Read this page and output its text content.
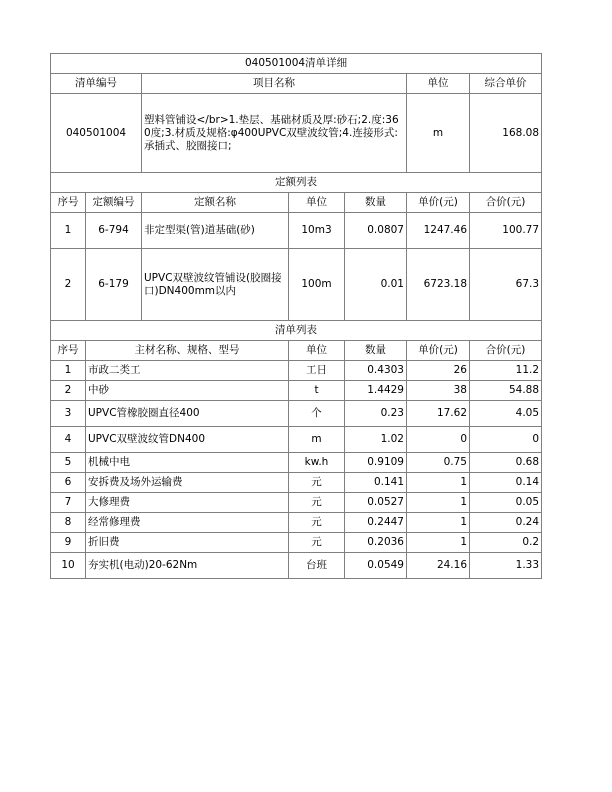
040501004清单详细						
清单编号		项目名称			单位	综合单价
040501004		塑料管铺设</br>1.垫层、基础材质及厚:砂石;2.度:360度;3.材质及规格:φ400UPVC双壁波纹管;4.连接形式:承插式、胶圈接口;			m	168.08
定额列表						
序号	定额编号	定额名称	单位	数量	单价(元)	合价(元)
1	6-794	非定型渠(管)道基础(砂)	10m3	0.0807	1247.46	100.77
2	6-179	UPVC双壁波纹管铺设(胶圈接口)DN400mm以内	100m	0.01	6723.18	67.3
清单列表						
序号	主材名称、规格、型号		单位	数量	单价(元)	合价(元)
1	市政二类工		工日	0.4303	26	11.2
2	中砂		t	1.4429	38	54.88
3	UPVC管橡胶圈直径400		个	0.23	17.62	4.05
4	UPVC双壁波纹管DN400		m	1.02	0	0
5	机械中电		kw.h	0.9109	0.75	0.68
6	安拆费及场外运输费		元	0.141	1	0.14
7	大修理费		元	0.0527	1	0.05
8	经常修理费		元	0.2447	1	0.24
9	折旧费		元	0.2036	1	0.2
10	夯实机(电动)20-62Nm		台班	0.0549	24.16	1.33
